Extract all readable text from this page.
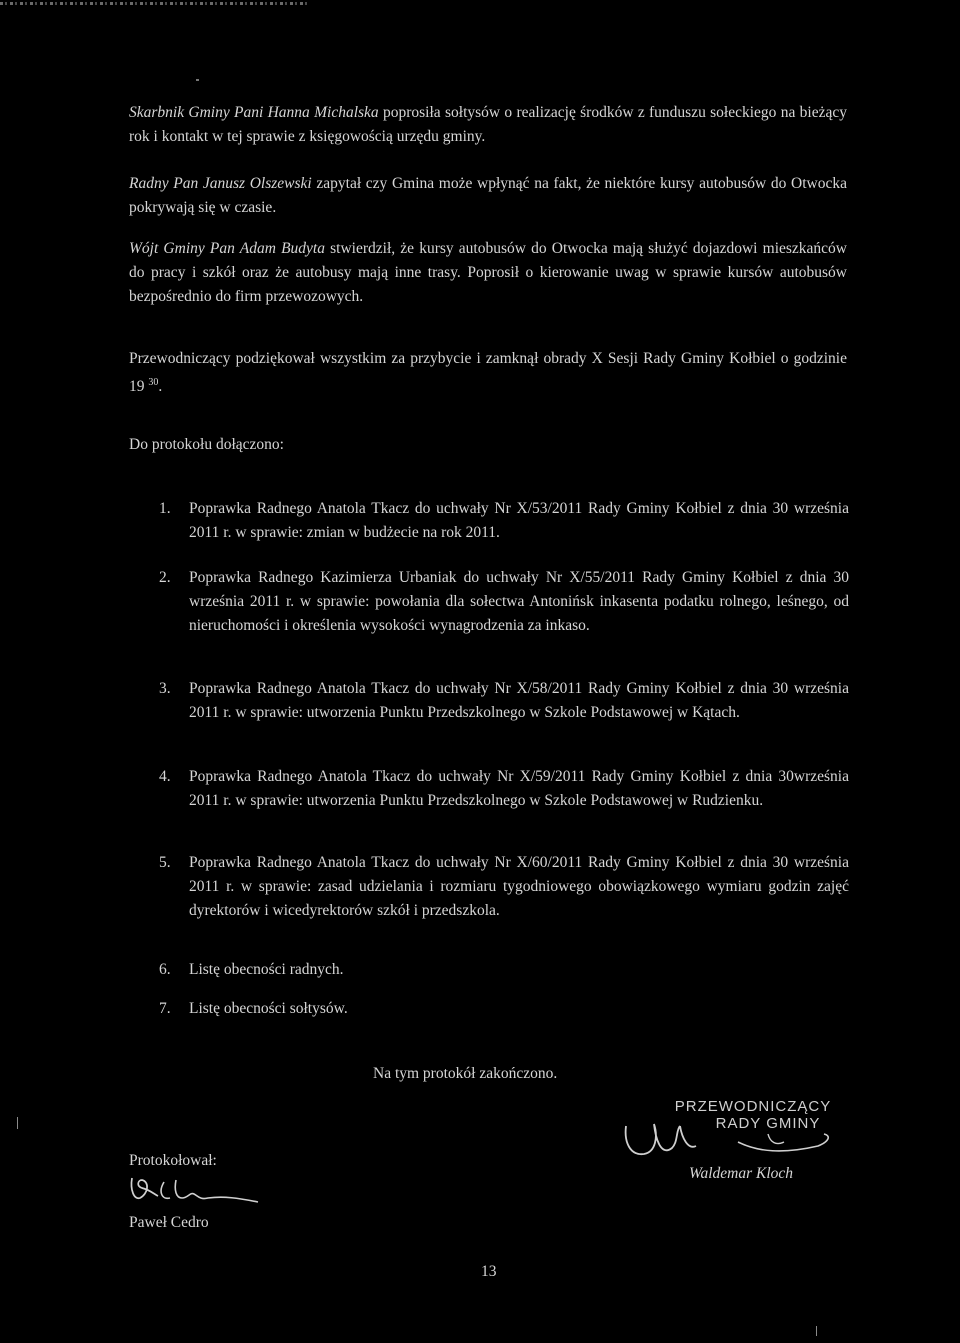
Skarbnik Gminy Pani Hanna Michalska poprosiła sołtysów o realizację środków z funduszu sołeckiego na bieżący rok i kontakt w tej sprawie z księgowością urzędu gminy.

Radny Pan Janusz Olszewski zapytał czy Gmina może wpłynąć na fakt, że niektóre kursy autobusów do Otwocka pokrywają się w czasie.

Wójt Gminy Pan Adam Budyta stwierdził, że kursy autobusów do Otwocka mają służyć dojazdowi mieszkańców do pracy i szkół oraz że autobusy mają inne trasy. Poprosił o kierowanie uwag w sprawie kursów autobusów bezpośrednio do firm przewozowych.

Przewodniczący podziękował wszystkim za przybycie i zamknął obrady X Sesji Rady Gminy Kołbiel o godzinie 19 $^{30}$.

Do protokołu dołączono:

1.	Poprawka Radnego Anatola Tkacz do uchwały Nr X/53/2011 Rady Gminy Kołbiel z dnia 30 września 2011 r. w sprawie: zmian w budżecie na rok 2011.
2.	Poprawka Radnego Kazimierza Urbaniak do uchwały Nr X/55/2011 Rady Gminy Kołbiel z dnia 30 września 2011 r. w sprawie: powołania dla sołectwa Antonińsk inkasenta podatku rolnego, leśnego, od nieruchomości i określenia wysokości wynagrodzenia za inkaso.
3.	Poprawka Radnego Anatola Tkacz do uchwały Nr X/58/2011 Rady Gminy Kołbiel z dnia 30 września 2011 r. w sprawie: utworzenia Punktu Przedszkolnego w Szkole Podstawowej w Kątach.
4.	Poprawka Radnego Anatola Tkacz do uchwały Nr X/59/2011 Rady Gminy Kołbiel z dnia 30września 2011 r. w sprawie: utworzenia Punktu Przedszkolnego w Szkole Podstawowej w Rudzienku.
5.	Poprawka Radnego Anatola Tkacz do uchwały Nr X/60/2011 Rady Gminy Kołbiel z dnia 30 września 2011 r. w sprawie: zasad udzielania i rozmiaru tygodniowego obowiązkowego wymiaru godzin zajęć dyrektorów i wicedyrektorów szkół i przedszkola.
6.	Listę obecności radnych.
7.	Listę obecności sołtysów.
Na tym protokół zakończono.
PRZEWODNICZĄCY
RADY GMINY
Waldemar Kloch
Protokołował:
Paweł Cedro
13
